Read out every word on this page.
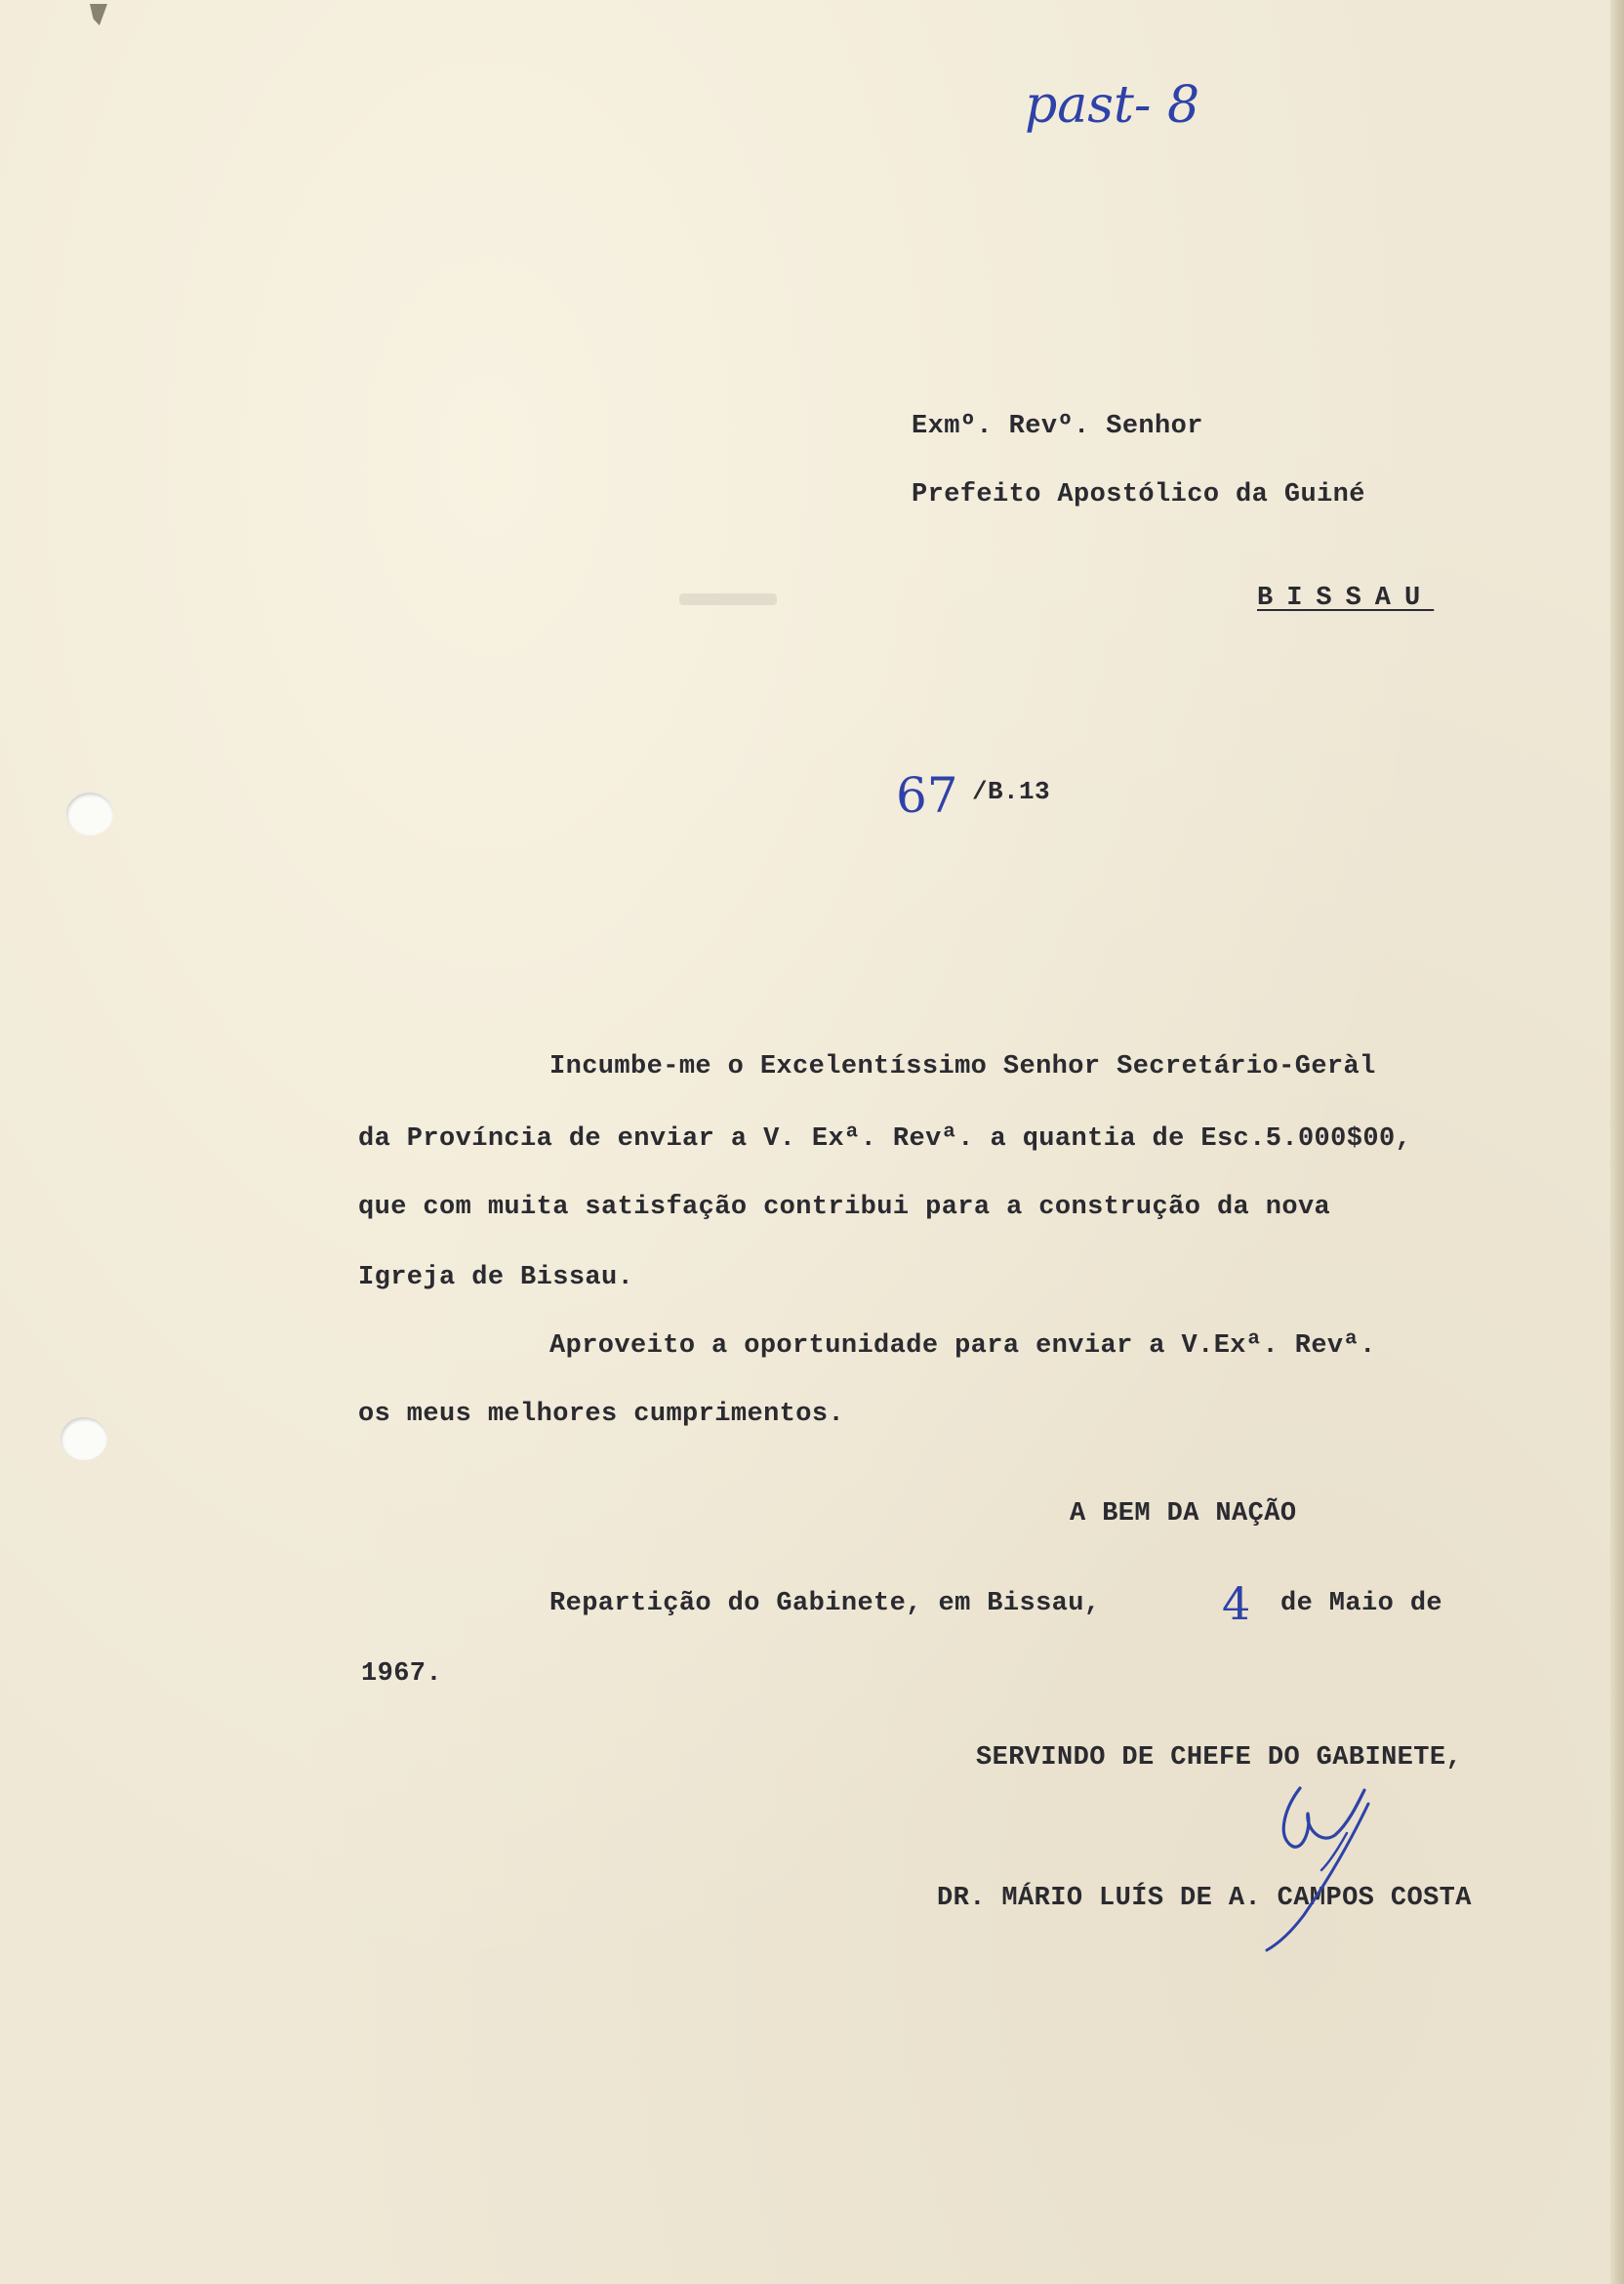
past- 8
Exmº. Revº. Senhor
Prefeito Apostólico da Guiné
BISSAU
67 /B.13
Incumbe-me o Excelentíssimo Senhor Secretário-Geràl
da Província de enviar a V. Exª. Revª. a quantia de Esc.5.000$00,
que com muita satisfação contribui para a construção da nova
Igreja de Bissau.
Aproveito a oportunidade para enviar a V.Exª. Revª.
os meus melhores cumprimentos.
A BEM DA NAÇÃO
Repartição do Gabinete, em Bissau,	4 de Maio de
1967.
SERVINDO DE CHEFE DO GABINETE,
DR. MÁRIO LUÍS DE A. CAMPOS COSTA
